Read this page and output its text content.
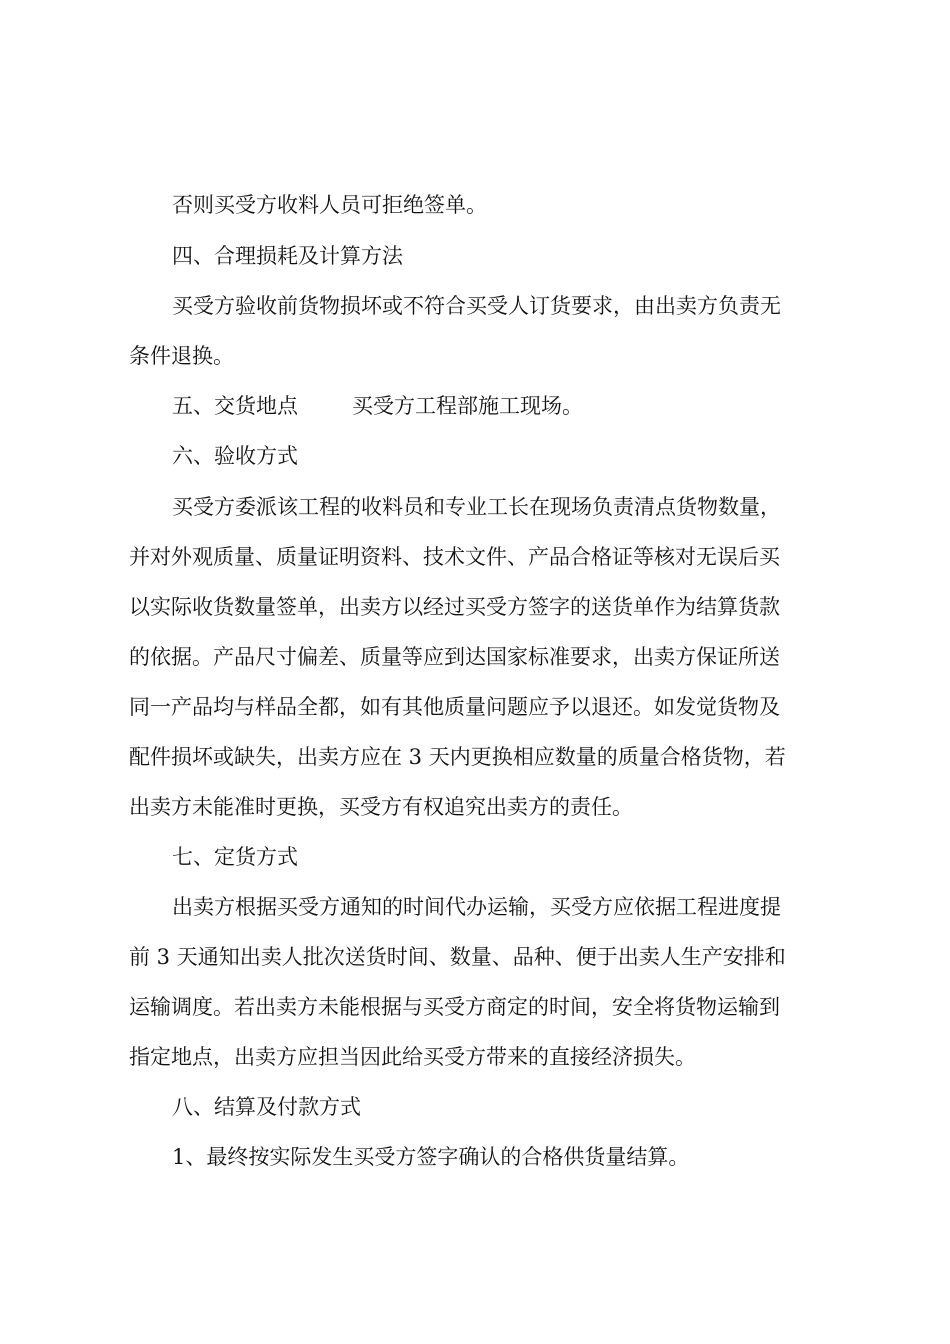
否则买受方收料人员可拒绝签单。
四、合理损耗及计算方法
买受方验收前货物损坏或不符合买受人订货要求，由出卖方负责无
条件退换。
五、交货地点	买受方工程部施工现场。
六、验收方式
买受方委派该工程的收料员和专业工长在现场负责清点货物数量，
并对外观质量、质量证明资料、技术文件、产品合格证等核对无误后买
以实际收货数量签单，出卖方以经过买受方签字的送货单作为结算货款
的依据。产品尺寸偏差、质量等应到达国家标准要求，出卖方保证所送
同一产品均与样品全都，如有其他质量问题应予以退还。如发觉货物及
配件损坏或缺失，出卖方应在 3 天内更换相应数量的质量合格货物，若
出卖方未能准时更换，买受方有权追究出卖方的责任。
七、定货方式
出卖方根据买受方通知的时间代办运输，买受方应依据工程进度提
前 3 天通知出卖人批次送货时间、数量、品种、便于出卖人生产安排和
运输调度。若出卖方未能根据与买受方商定的时间，安全将货物运输到
指定地点，出卖方应担当因此给买受方带来的直接经济损失。
八、结算及付款方式
1、最终按实际发生买受方签字确认的合格供货量结算。
